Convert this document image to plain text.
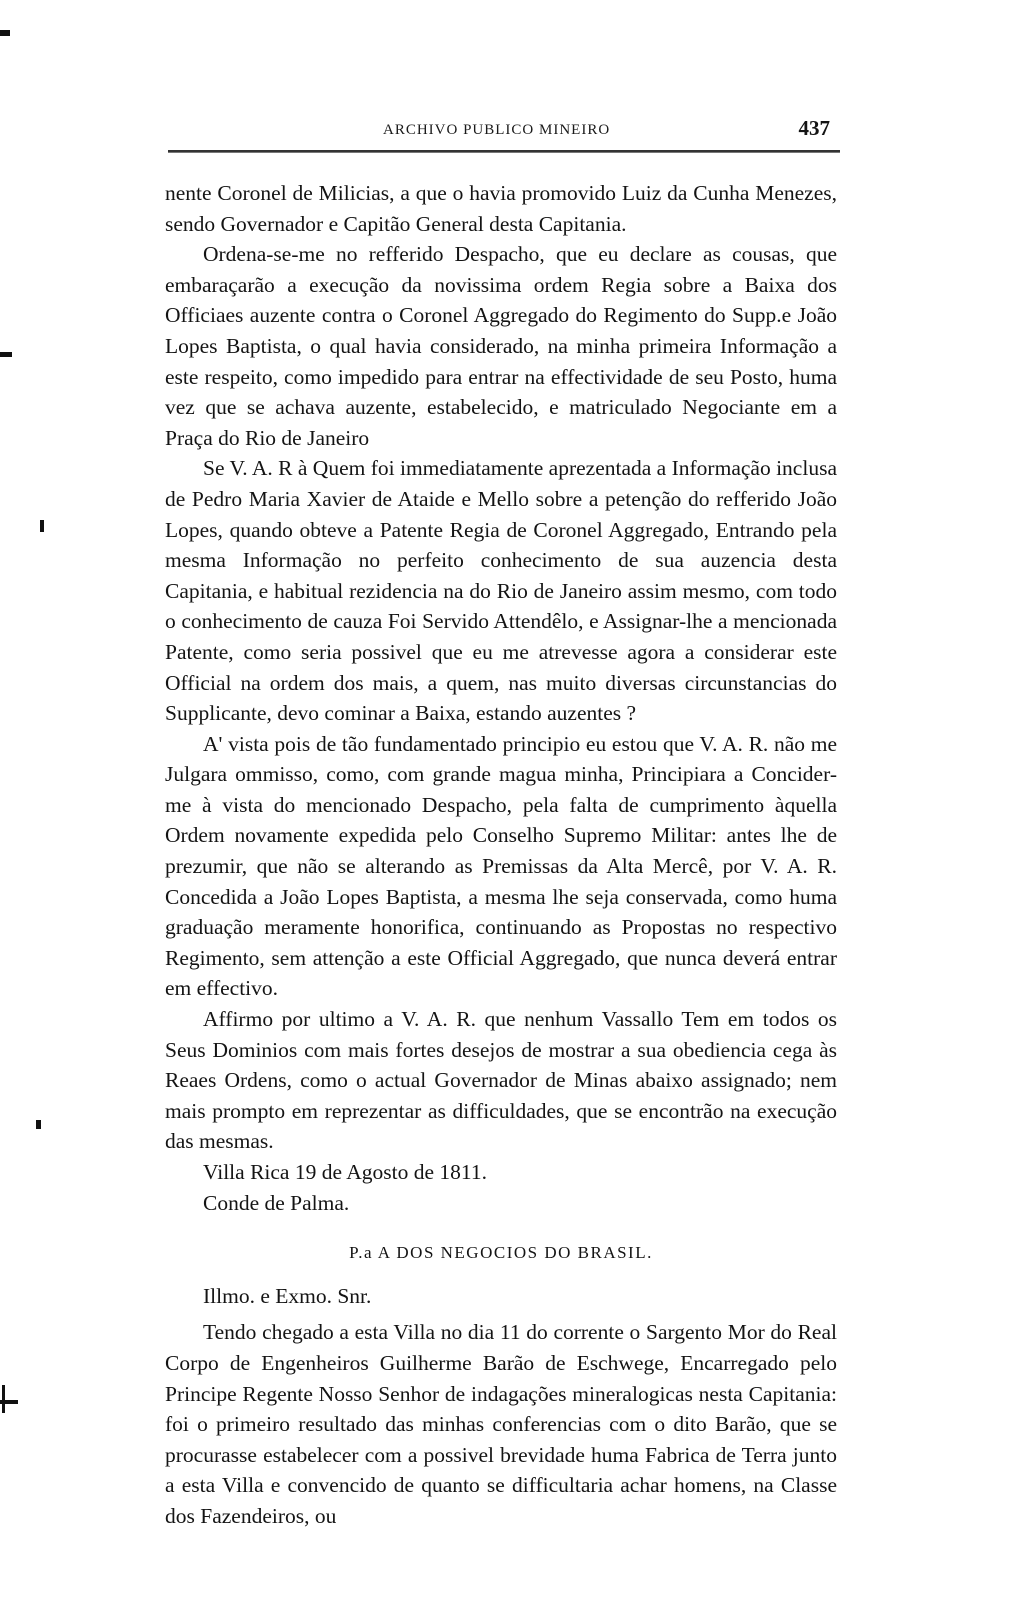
ARCHIVO PUBLICO MINEIRO	437

nente Coronel de Milicias, a que o havia promovido Luiz da Cunha Menezes, sendo Governador e Capitão General desta Capitania.

Ordena-se-me no refferido Despacho, que eu declare as cousas, que embaraçarão a execução da novissima ordem Regia sobre a Baixa dos Officiaes auzente contra o Coronel Aggregado do Regimento do Supp.e João Lopes Baptista, o qual havia considerado, na minha primeira Informação a este respeito, como impedido para entrar na effectividade de seu Posto, huma vez que se achava auzente, estabelecido, e matriculado Negociante em a Praça do Rio de Janeiro

Se V. A. R à Quem foi immediatamente aprezentada a Informação inclusa de Pedro Maria Xavier de Ataide e Mello sobre a petenção do refferido João Lopes, quando obteve a Patente Regia de Coronel Aggregado, Entrando pela mesma Informação no perfeito conhecimento de sua auzencia desta Capitania, e habitual rezidencia na do Rio de Janeiro assim mesmo, com todo o conhecimento de cauza Foi Servido Attendêlo, e Assignar-lhe a mencionada Patente, como seria possivel que eu me atrevesse agora a considerar este Official na ordem dos mais, a quem, nas muito diversas circunstancias do Supplicante, devo cominar a Baixa, estando auzentes ?

A' vista pois de tão fundamentado principio eu estou que V. A. R. não me Julgara ommisso, como, com grande magua minha, Principiara a Concider-me à vista do mencionado Despacho, pela falta de cumprimento àquella Ordem novamente expedida pelo Conselho Supremo Militar: antes lhe de prezumir, que não se alterando as Premissas da Alta Mercê, por V. A. R. Concedida a João Lopes Baptista, a mesma lhe seja conservada, como huma graduação meramente honorifica, continuando as Propostas no respectivo Regimento, sem attenção a este Official Aggregado, que nunca deverá entrar em effectivo.

Affirmo por ultimo a V. A. R. que nenhum Vassallo Tem em todos os Seus Dominios com mais fortes desejos de mostrar a sua obediencia cega às Reaes Ordens, como o actual Governador de Minas abaixo assignado; nem mais prompto em reprezentar as difficuldades, que se encontrão na execução das mesmas.

Villa Rica 19 de Agosto de 1811.

Conde de Palma.

P.a A DOS NEGOCIOS DO BRASIL.

Illmo. e Exmo. Snr.

Tendo chegado a esta Villa no dia 11 do corrente o Sargento Mor do Real Corpo de Engenheiros Guilherme Barão de Eschwege, Encarregado pelo Principe Regente Nosso Senhor de indagações mineralogicas nesta Capitania: foi o primeiro resultado das minhas conferencias com o dito Barão, que se procurasse estabelecer com a possivel brevidade huma Fabrica de Terra junto a esta Villa e convencido de quanto se difficultaria achar homens, na Classe dos Fazendeiros, ou
